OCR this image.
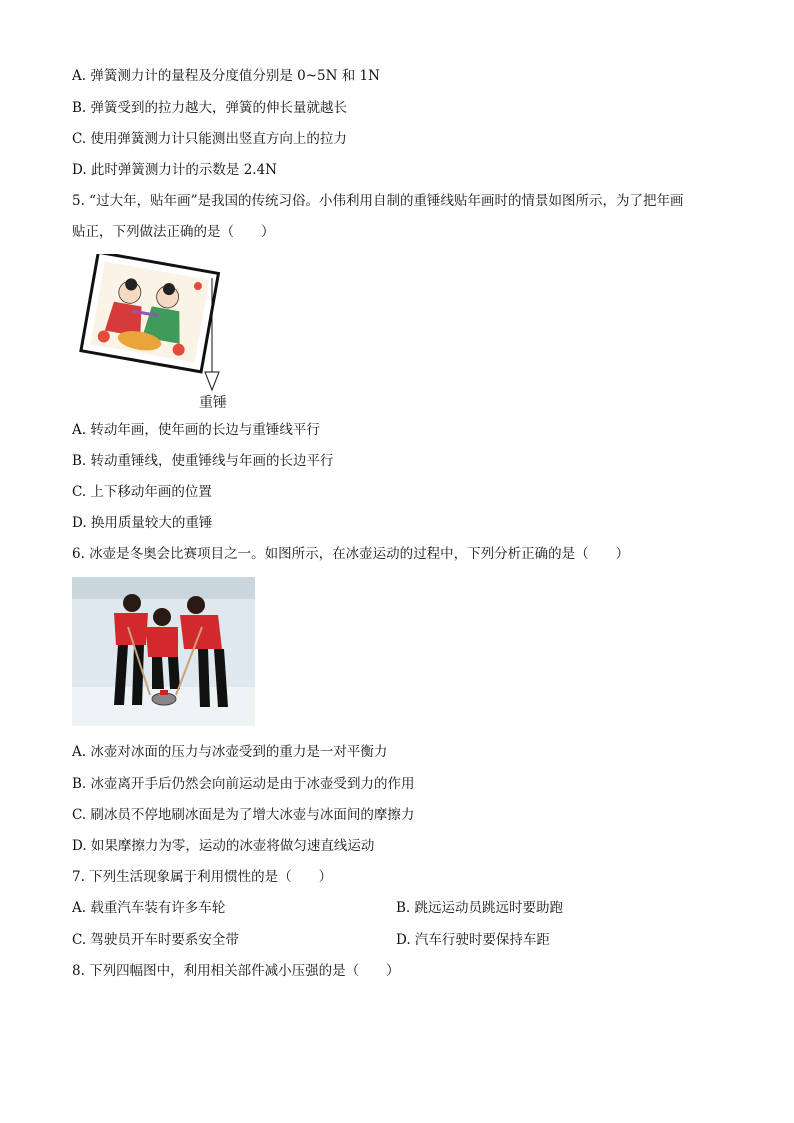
A. 弹簧测力计的量程及分度值分别是 0~5N 和 1N
B. 弹簧受到的拉力越大，弹簧的伸长量就越长
C. 使用弹簧测力计只能测出竖直方向上的拉力
D. 此时弹簧测力计的示数是 2.4N
5. “过大年，贴年画”是我国的传统习俗。小伟利用自制的重锤线贴年画时的情景如图所示，为了把年画
贴正，下列做法正确的是（　　）
重锤
A. 转动年画，使年画的长边与重锤线平行
B. 转动重锤线，使重锤线与年画的长边平行
C. 上下移动年画的位置
D. 换用质量较大的重锤
6. 冰壶是冬奥会比赛项目之一。如图所示，在冰壶运动的过程中，下列分析正确的是（　　）
A. 冰壶对冰面的压力与冰壶受到的重力是一对平衡力
B. 冰壶离开手后仍然会向前运动是由于冰壶受到力的作用
C. 刷冰员不停地刷冰面是为了增大冰壶与冰面间的摩擦力
D. 如果摩擦力为零，运动的冰壶将做匀速直线运动
7. 下列生活现象属于利用惯性的是（　　）
A. 载重汽车装有许多车轮	B. 跳远运动员跳远时要助跑
C. 驾驶员开车时要系安全带	D. 汽车行驶时要保持车距
8. 下列四幅图中，利用相关部件减小压强的是（　　）
